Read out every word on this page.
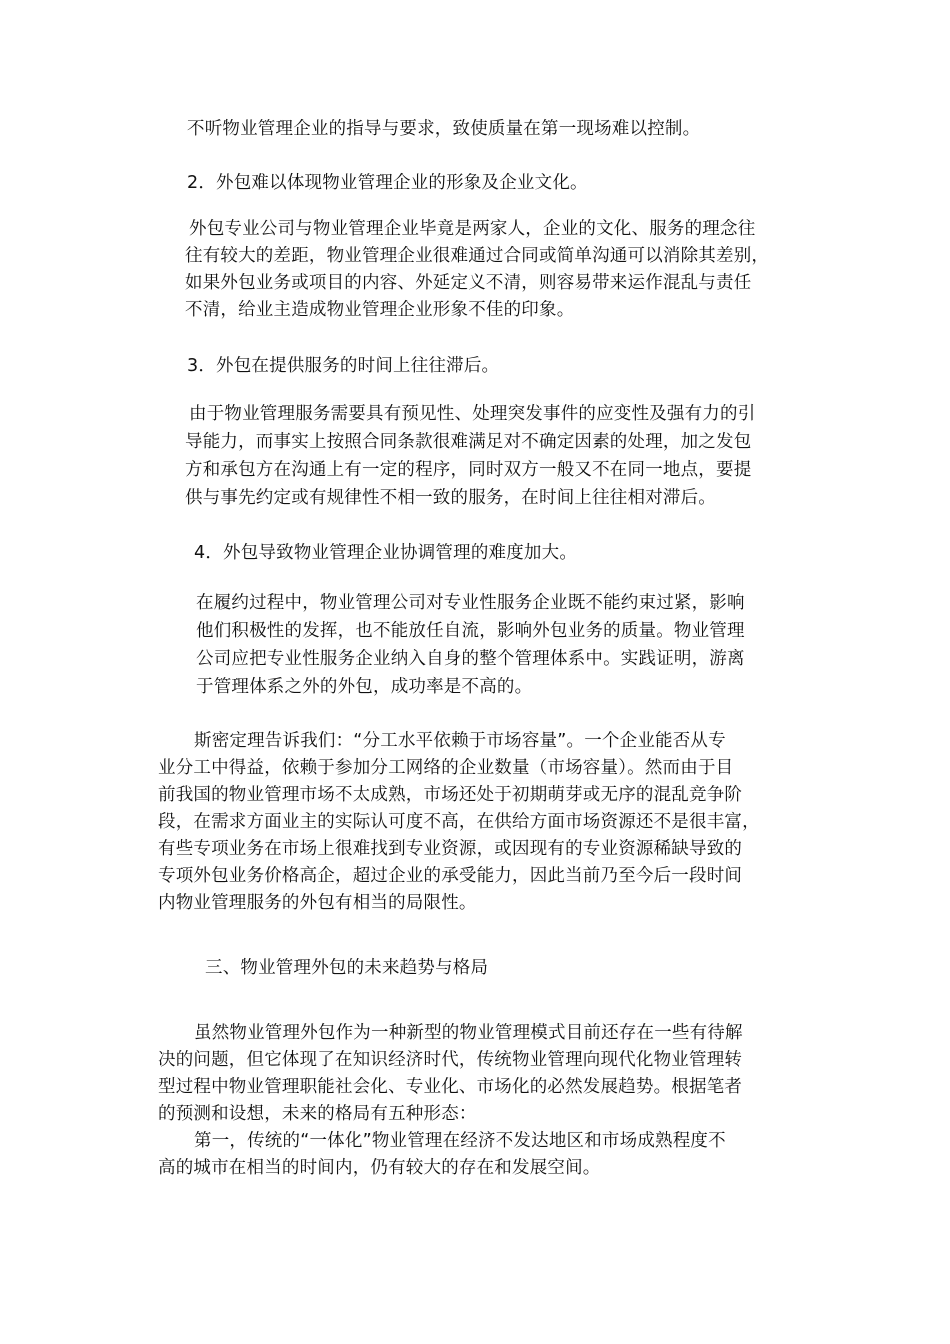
不听物业管理企业的指导与要求，致使质量在第一现场难以控制。
2．外包难以体现物业管理企业的形象及企业文化。
外包专业公司与物业管理企业毕竟是两家人，企业的文化、服务的理念往
往有较大的差距，物业管理企业很难通过合同或简单沟通可以消除其差别，
如果外包业务或项目的内容、外延定义不清，则容易带来运作混乱与责任
不清，给业主造成物业管理企业形象不佳的印象。
3．外包在提供服务的时间上往往滞后。
由于物业管理服务需要具有预见性、处理突发事件的应变性及强有力的引
导能力，而事实上按照合同条款很难满足对不确定因素的处理，加之发包
方和承包方在沟通上有一定的程序，同时双方一般又不在同一地点，要提
供与事先约定或有规律性不相一致的服务，在时间上往往相对滞后。
4．外包导致物业管理企业协调管理的难度加大。
在履约过程中，物业管理公司对专业性服务企业既不能约束过紧，影响
他们积极性的发挥，也不能放任自流，影响外包业务的质量。物业管理
公司应把专业性服务企业纳入自身的整个管理体系中。实践证明，游离
于管理体系之外的外包，成功率是不高的。
斯密定理告诉我们：“分工水平依赖于市场容量”。一个企业能否从专
业分工中得益，依赖于参加分工网络的企业数量（市场容量）。然而由于目
前我国的物业管理市场不太成熟，市场还处于初期萌芽或无序的混乱竞争阶
段，在需求方面业主的实际认可度不高，在供给方面市场资源还不是很丰富，
有些专项业务在市场上很难找到专业资源，或因现有的专业资源稀缺导致的
专项外包业务价格高企，超过企业的承受能力，因此当前乃至今后一段时间
内物业管理服务的外包有相当的局限性。
三、物业管理外包的未来趋势与格局
虽然物业管理外包作为一种新型的物业管理模式目前还存在一些有待解
决的问题，但它体现了在知识经济时代，传统物业管理向现代化物业管理转
型过程中物业管理职能社会化、专业化、市场化的必然发展趋势。根据笔者
的预测和设想，未来的格局有五种形态：
第一，传统的“一体化”物业管理在经济不发达地区和市场成熟程度不
高的城市在相当的时间内，仍有较大的存在和发展空间。
